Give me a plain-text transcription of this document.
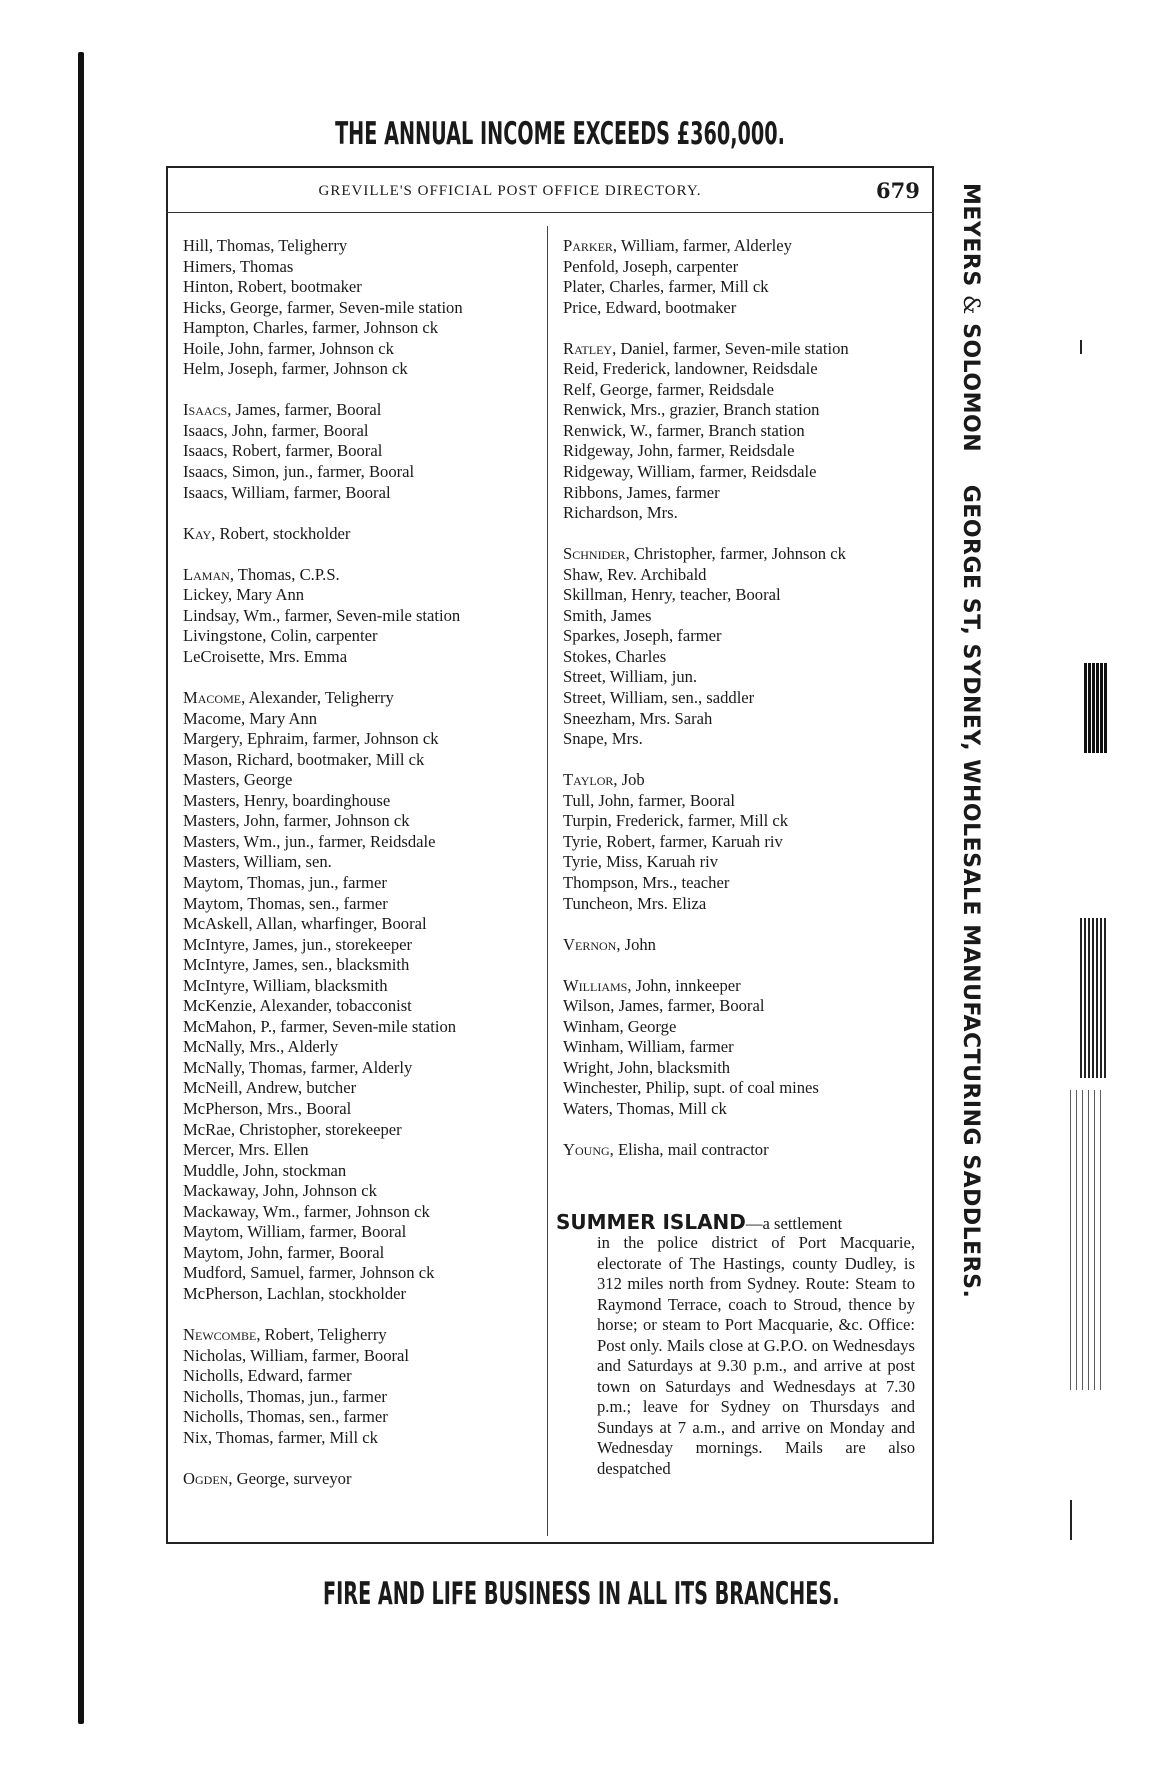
THE ANNUAL INCOME EXCEEDS £360,000.
GREVILLE'S OFFICIAL POST OFFICE DIRECTORY.	679
Hill, Thomas, Teligherry
Himers, Thomas
Hinton, Robert, bootmaker
Hicks, George, farmer, Seven-mile station
Hampton, Charles, farmer, Johnson ck
Hoile, John, farmer, Johnson ck
Helm, Joseph, farmer, Johnson ck
Isaacs, James, farmer, Booral
Isaacs, John, farmer, Booral
Isaacs, Robert, farmer, Booral
Isaacs, Simon, jun., farmer, Booral
Isaacs, William, farmer, Booral
Kay, Robert, stockholder
Laman, Thomas, C.P.S.
Lickey, Mary Ann
Lindsay, Wm., farmer, Seven-mile station
Livingstone, Colin, carpenter
LeCroisette, Mrs. Emma
Macome, Alexander, Teligherry
Macome, Mary Ann
Margery, Ephraim, farmer, Johnson ck
Mason, Richard, bootmaker, Mill ck
Masters, George
Masters, Henry, boardinghouse
Masters, John, farmer, Johnson ck
Masters, Wm., jun., farmer, Reidsdale
Masters, William, sen.
Maytom, Thomas, jun., farmer
Maytom, Thomas, sen., farmer
McAskell, Allan, wharfinger, Booral
McIntyre, James, jun., storekeeper
McIntyre, James, sen., blacksmith
McIntyre, William, blacksmith
McKenzie, Alexander, tobacconist
McMahon, P., farmer, Seven-mile station
McNally, Mrs., Alderly
McNally, Thomas, farmer, Alderly
McNeill, Andrew, butcher
McPherson, Mrs., Booral
McRae, Christopher, storekeeper
Mercer, Mrs. Ellen
Muddle, John, stockman
Mackaway, John, Johnson ck
Mackaway, Wm., farmer, Johnson ck
Maytom, William, farmer, Booral
Maytom, John, farmer, Booral
Mudford, Samuel, farmer, Johnson ck
McPherson, Lachlan, stockholder
Newcombe, Robert, Teligherry
Nicholas, William, farmer, Booral
Nicholls, Edward, farmer
Nicholls, Thomas, jun., farmer
Nicholls, Thomas, sen., farmer
Nix, Thomas, farmer, Mill ck
Ogden, George, surveyor
Parker, William, farmer, Alderley
Penfold, Joseph, carpenter
Plater, Charles, farmer, Mill ck
Price, Edward, bootmaker
Ratley, Daniel, farmer, Seven-mile station
Reid, Frederick, landowner, Reidsdale
Relf, George, farmer, Reidsdale
Renwick, Mrs., grazier, Branch station
Renwick, W., farmer, Branch station
Ridgeway, John, farmer, Reidsdale
Ridgeway, William, farmer, Reidsdale
Ribbons, James, farmer
Richardson, Mrs.
Schnider, Christopher, farmer, Johnson ck
Shaw, Rev. Archibald
Skillman, Henry, teacher, Booral
Smith, James
Sparkes, Joseph, farmer
Stokes, Charles
Street, William, jun.
Street, William, sen., saddler
Sneezham, Mrs. Sarah
Snape, Mrs.
Taylor, Job
Tull, John, farmer, Booral
Turpin, Frederick, farmer, Mill ck
Tyrie, Robert, farmer, Karuah riv
Tyrie, Miss, Karuah riv
Thompson, Mrs., teacher
Tuncheon, Mrs. Eliza
Vernon, John
Williams, John, innkeeper
Wilson, James, farmer, Booral
Winham, George
Winham, William, farmer
Wright, John, blacksmith
Winchester, Philip, supt. of coal mines
Waters, Thomas, Mill ck
Young, Elisha, mail contractor
SUMMER ISLAND—a settlement
in the police district of Port Macquarie, electorate of The Hastings, county Dudley, is 312 miles north from Sydney. Route: Steam to Raymond Terrace, coach to Stroud, thence by horse; or steam to Port Macquarie, &c. Office: Post only. Mails close at G.P.O. on Wednesdays and Saturdays at 9.30 p.m., and arrive at post town on Saturdays and Wednesdays at 7.30 p.m.; leave for Sydney on Thursdays and Sundays at 7 a.m., and arrive on Monday and Wednesday mornings. Mails are also despatched
MEYERS & SOLOMON    GEORGE ST, SYDNEY, WHOLESALE MANUFACTURING SADDLERS.
FIRE AND LIFE BUSINESS IN ALL ITS BRANCHES.
